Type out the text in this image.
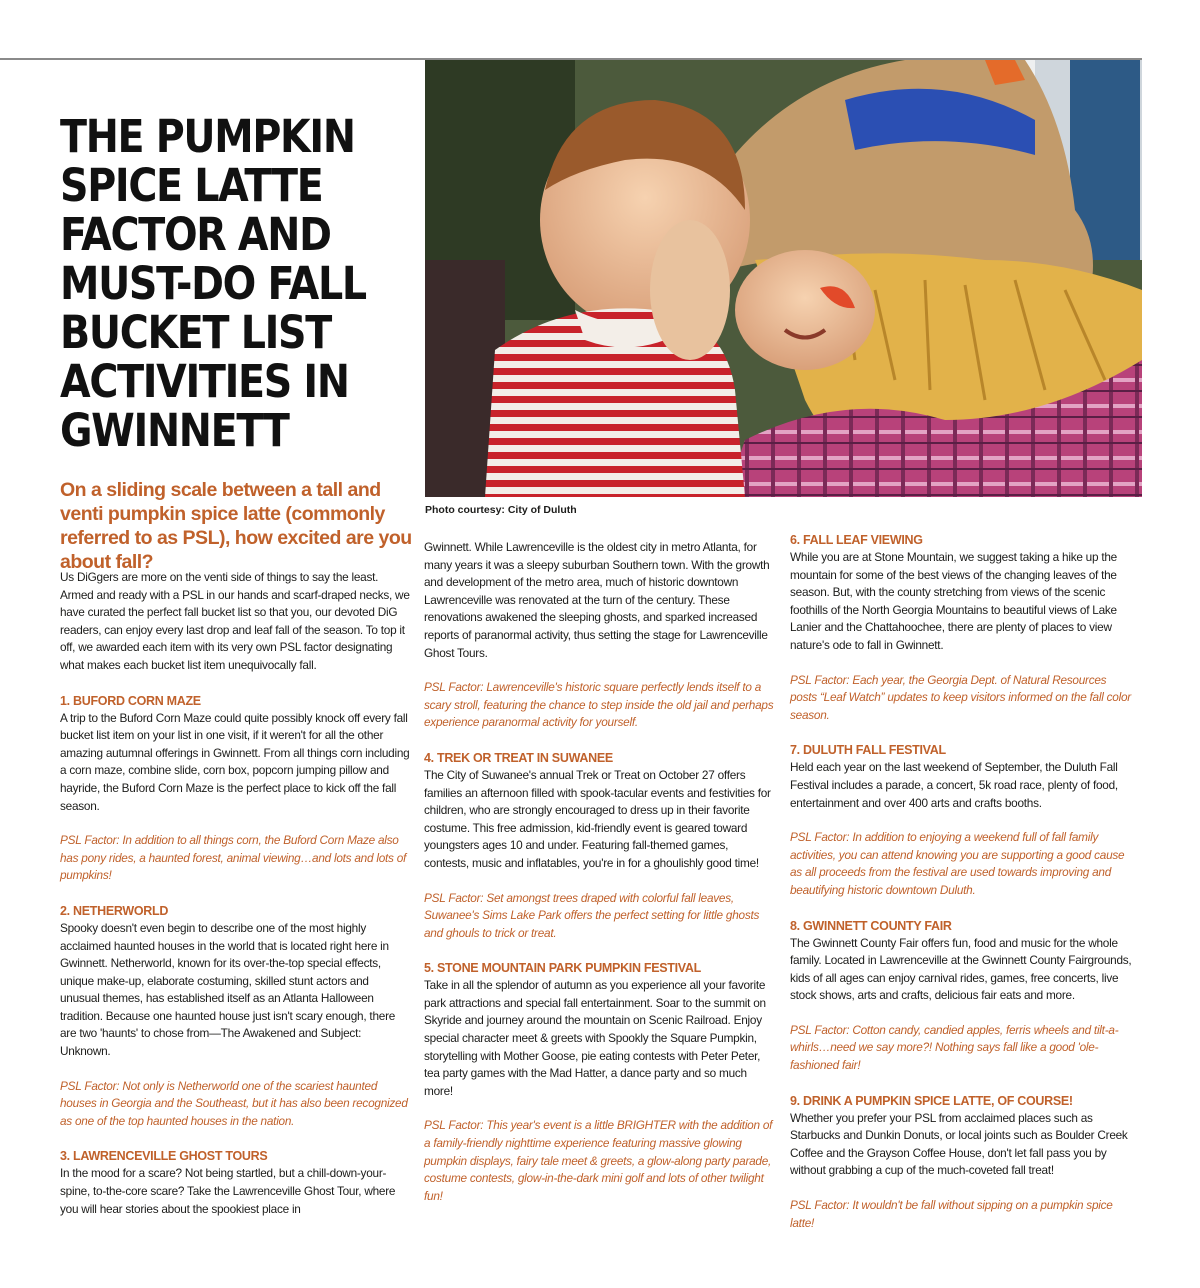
THE PUMPKIN SPICE LATTE FACTOR AND MUST-DO FALL BUCKET LIST ACTIVITIES IN GWINNETT
On a sliding scale between a tall and venti pumpkin spice latte (commonly referred to as PSL), how excited are you about fall?
Photo courtesy: City of Duluth

Us DiGgers are more on the venti side of things to say the least. Armed and ready with a PSL in our hands and scarf-draped necks, we have curated the perfect fall bucket list so that you, our devoted DiG readers, can enjoy every last drop and leaf fall of the season. To top it off, we awarded each item with its very own PSL factor designating what makes each bucket list item unequivocally fall.

1. BUFORD CORN MAZE

A trip to the Buford Corn Maze could quite possibly knock off every fall bucket list item on your list in one visit, if it weren't for all the other amazing autumnal offerings in Gwinnett. From all things corn including a corn maze, combine slide, corn box, popcorn jumping pillow and hayride, the Buford Corn Maze is the perfect place to kick off the fall season.

PSL Factor: In addition to all things corn, the Buford Corn Maze also has pony rides, a haunted forest, animal viewing…and lots and lots of pumpkins!

2. NETHERWORLD

Spooky doesn't even begin to describe one of the most highly acclaimed haunted houses in the world that is located right here in Gwinnett. Netherworld, known for its over-the-top special effects, unique make-up, elaborate costuming, skilled stunt actors and unusual themes, has established itself as an Atlanta Halloween tradition. Because one haunted house just isn't scary enough, there are two 'haunts' to chose from—The Awakened and Subject: Unknown.

PSL Factor: Not only is Netherworld one of the scariest haunted houses in Georgia and the Southeast, but it has also been recognized as one of the top haunted houses in the nation.

3. LAWRENCEVILLE GHOST TOURS

In the mood for a scare? Not being startled, but a chill-down-your-spine, to-the-core scare? Take the Lawrenceville Ghost Tour, where you will hear stories about the spookiest place in

Gwinnett. While Lawrenceville is the oldest city in metro Atlanta, for many years it was a sleepy suburban Southern town. With the growth and development of the metro area, much of historic downtown Lawrenceville was renovated at the turn of the century. These renovations awakened the sleeping ghosts, and sparked increased reports of paranormal activity, thus setting the stage for Lawrenceville Ghost Tours.

PSL Factor: Lawrenceville's historic square perfectly lends itself to a scary stroll, featuring the chance to step inside the old jail and perhaps experience paranormal activity for yourself.

4. TREK OR TREAT IN SUWANEE

The City of Suwanee's annual Trek or Treat on October 27 offers families an afternoon filled with spook-tacular events and festivities for children, who are strongly encouraged to dress up in their favorite costume. This free admission, kid-friendly event is geared toward youngsters ages 10 and under. Featuring fall-themed games, contests, music and inflatables, you're in for a ghoulishly good time!

PSL Factor: Set amongst trees draped with colorful fall leaves, Suwanee's Sims Lake Park offers the perfect setting for little ghosts and ghouls to trick or treat.

5. STONE MOUNTAIN PARK PUMPKIN FESTIVAL

Take in all the splendor of autumn as you experience all your favorite park attractions and special fall entertainment. Soar to the summit on Skyride and journey around the mountain on Scenic Railroad. Enjoy special character meet & greets with Spookly the Square Pumpkin, storytelling with Mother Goose, pie eating contests with Peter Peter, tea party games with the Mad Hatter, a dance party and so much more!

PSL Factor: This year's event is a little BRIGHTER with the addition of a family-friendly nighttime experience featuring massive glowing pumpkin displays, fairy tale meet & greets, a glow-along party parade, costume contests, glow-in-the-dark mini golf and lots of other twilight fun!

6. FALL LEAF VIEWING

While you are at Stone Mountain, we suggest taking a hike up the mountain for some of the best views of the changing leaves of the season. But, with the county stretching from views of the scenic foothills of the North Georgia Mountains to beautiful views of Lake Lanier and the Chattahoochee, there are plenty of places to view nature's ode to fall in Gwinnett.

PSL Factor: Each year, the Georgia Dept. of Natural Resources posts “Leaf Watch” updates to keep visitors informed on the fall color season.

7. DULUTH FALL FESTIVAL

Held each year on the last weekend of September, the Duluth Fall Festival includes a parade, a concert, 5k road race, plenty of food, entertainment and over 400 arts and crafts booths.

PSL Factor: In addition to enjoying a weekend full of fall family activities, you can attend knowing you are supporting a good cause as all proceeds from the festival are used towards improving and beautifying historic downtown Duluth.

8. GWINNETT COUNTY FAIR

The Gwinnett County Fair offers fun, food and music for the whole family. Located in Lawrenceville at the Gwinnett County Fairgrounds, kids of all ages can enjoy carnival rides, games, free concerts, live stock shows, arts and crafts, delicious fair eats and more.

PSL Factor: Cotton candy, candied apples, ferris wheels and tilt-a-whirls…need we say more?! Nothing says fall like a good 'ole-fashioned fair!

9. DRINK A PUMPKIN SPICE LATTE, OF COURSE!

Whether you prefer your PSL from acclaimed places such as Starbucks and Dunkin Donuts, or local joints such as Boulder Creek Coffee and the Grayson Coffee House, don't let fall pass you by without grabbing a cup of the much-coveted fall treat!

PSL Factor: It wouldn't be fall without sipping on a pumpkin spice latte!
